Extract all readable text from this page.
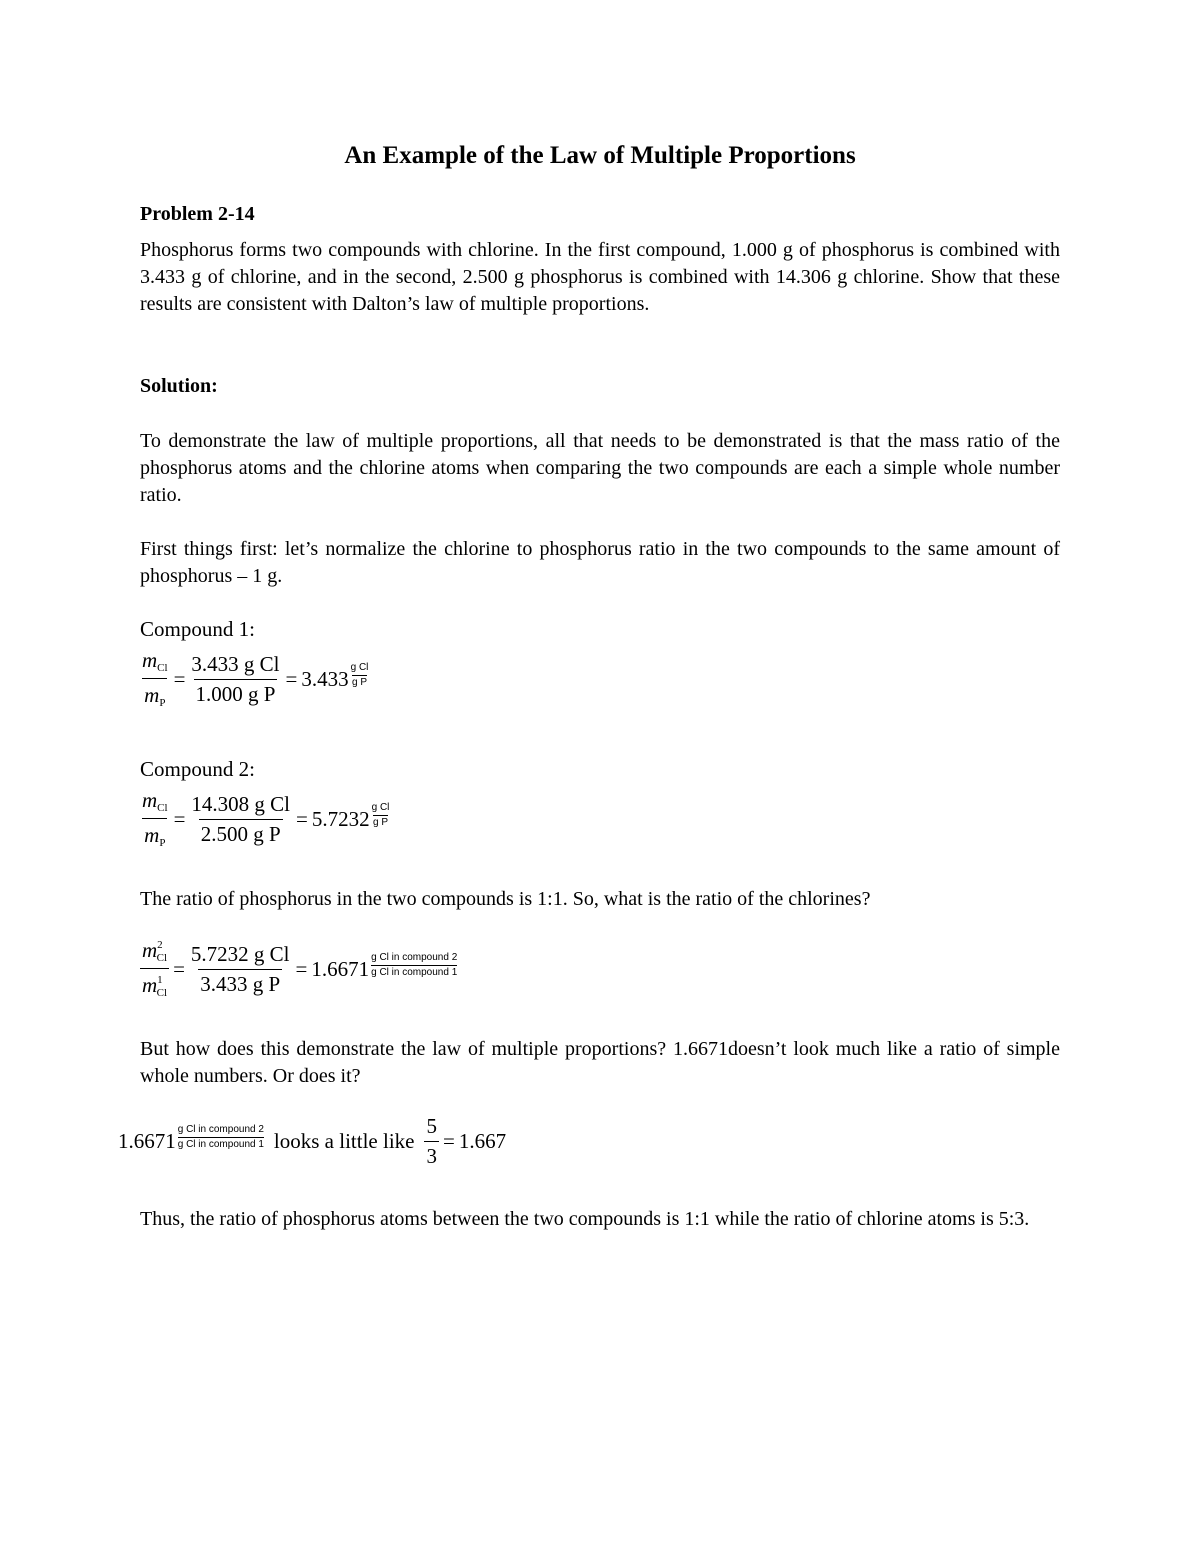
An Example of the Law of Multiple Proportions

Problem 2-14

Phosphorus forms two compounds with chlorine. In the first compound, 1.000 g of phosphorus is combined with 3.433 g of chlorine, and in the second, 2.500 g phosphorus is combined with 14.306 g chlorine. Show that these results are consistent with Dalton’s law of multiple proportions.

Solution:

To demonstrate the law of multiple proportions, all that needs to be demonstrated is that the mass ratio of the phosphorus atoms and the chlorine atoms when comparing the two compounds are each a simple whole number ratio.

First things first: let’s normalize the chlorine to phosphorus ratio in the two compounds to the same amount of phosphorus – 1 g.

Compound 1:

$\frac{m_{Cl}}{m_P} = \frac{\text{3.433 g Cl}}{\text{1.000 g P}} = 3.433 \frac{\text{g Cl}}{\text{g P}}$

Compound 2:

$\frac{m_{Cl}}{m_P} = \frac{\text{14.308 g Cl}}{\text{2.500 g P}} = 5.7232 \frac{\text{g Cl}}{\text{g P}}$

The ratio of phosphorus in the two compounds is 1:1. So, what is the ratio of the chlorines?

$\frac{m^2_{Cl}}{m^1_{Cl}} = \frac{\text{5.7232 g Cl}}{\text{3.433 g P}} = 1.6671$ g Cl in compound 2
g Cl in compound 1

But how does this demonstrate the law of multiple proportions? 1.6671doesn’t look much like a ratio of simple whole numbers. Or does it?

1.6671 g Cl in compound 2
g Cl in compound 1 looks a little like $\frac{5}{3} = 1.667$

Thus, the ratio of phosphorus atoms between the two compounds is 1:1 while the ratio of chlorine atoms is 5:3.
